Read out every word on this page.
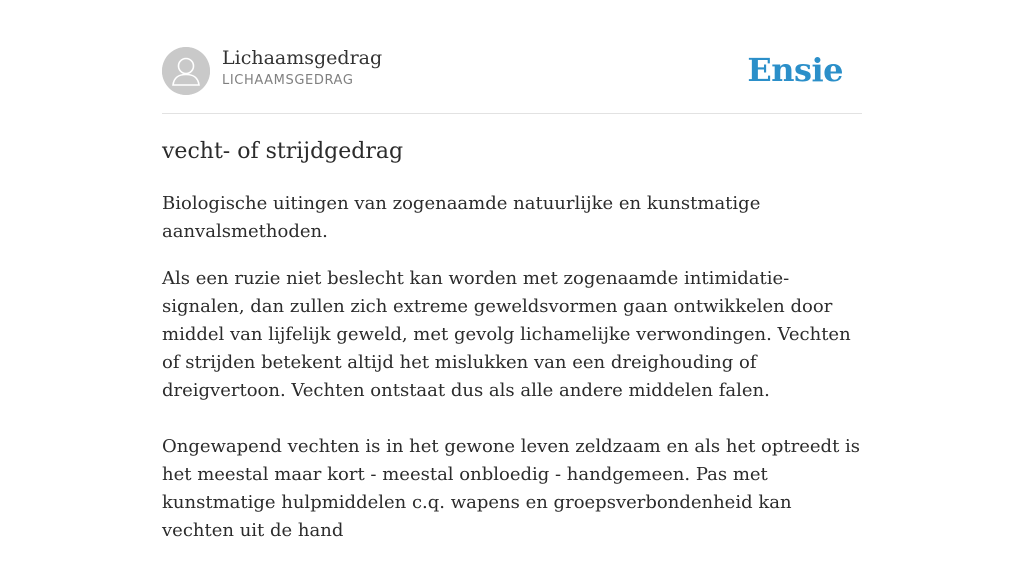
Lichaamsgedrag
LICHAAMSGEDRAG	Ensie
vecht- of strijdgedrag

Biologische uitingen van zogenaamde natuurlijke en kunstmatige aanvalsmethoden.

Als een ruzie niet beslecht kan worden met zogenaamde intimidatie-signalen, dan zullen zich extreme geweldsvormen gaan ontwikkelen door middel van lijfelijk geweld, met gevolg lichamelijke verwondingen. Vechten of strijden betekent altijd het mislukken van een dreighouding of dreigvertoon. Vechten ontstaat dus als alle andere middelen falen.

Ongewapend vechten is in het gewone leven zeldzaam en als het optreedt is het meestal maar kort - meestal onbloedig - handgemeen. Pas met kunstmatige hulpmiddelen c.q. wapens en groepsverbondenheid kan vechten uit de hand
